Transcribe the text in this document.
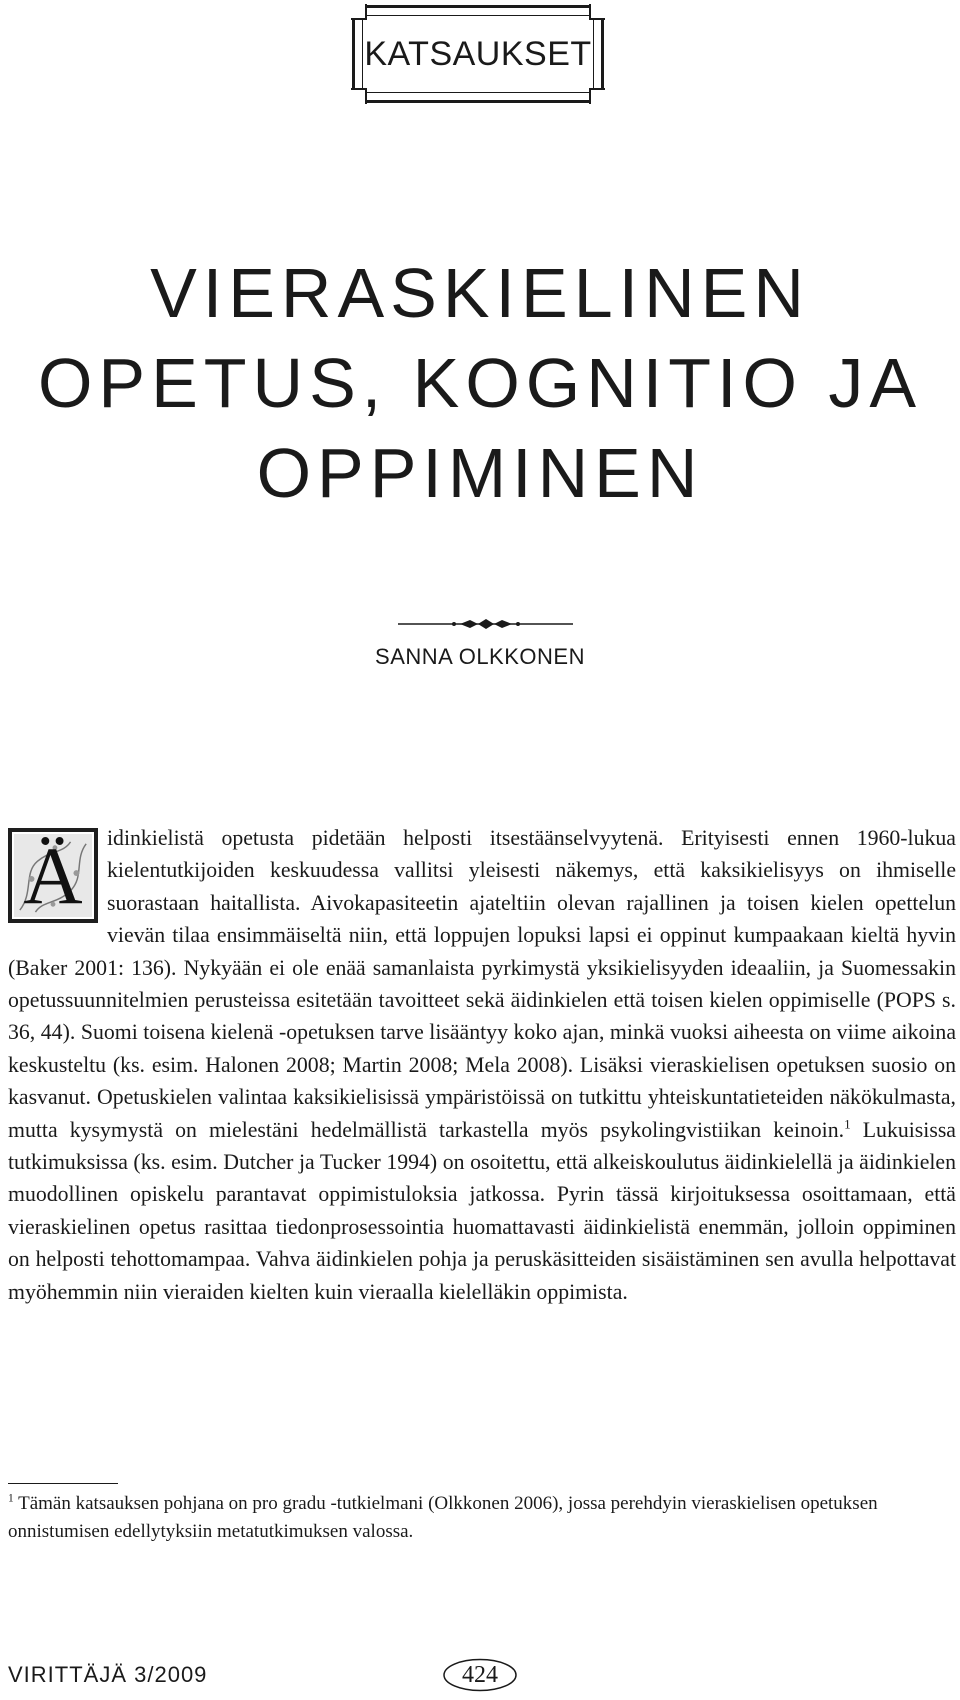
KATSAUKSET
VIERASKIELINEN
OPETUS, KOGNITIO JA
OPPIMINEN
SANNA OLKKONEN
Ä	idinkielistä opetusta pidetään helposti itsestäänselvyytenä. Erityisesti ennen 1960-lukua kielentutkijoiden keskuudessa vallitsi yleisesti näkemys, että kaksikielisyys on ihmiselle suorastaan haitallista. Aivokapasiteetin ajateltiin olevan rajallinen ja toisen kielen opettelun vievän tilaa ensimmäiseltä niin, että loppujen lopuksi lapsi ei oppinut kumpaakaan kieltä hyvin (Baker 2001: 136). Nykyään ei ole enää samanlaista pyrkimystä yksikielisyyden ideaaliin, ja Suomessakin opetussuunnitelmien perusteissa esitetään tavoitteet sekä äidinkielen että toisen kielen oppimiselle (POPS s. 36, 44). Suomi toisena kielenä -opetuksen tarve lisääntyy koko ajan, minkä vuoksi aiheesta on viime aikoina keskusteltu (ks. esim. Halonen 2008; Martin 2008; Mela 2008). Lisäksi vieraskielisen opetuksen suosio on kasvanut. Opetuskielen valintaa kaksikielisissä ympäristöissä on tutkittu yhteiskuntatieteiden näkökulmasta, mutta kysymystä on mielestäni hedelmällistä tarkastella myös psykolingvistiikan keinoin.$^1$ Lukuisissa tutkimuksissa (ks. esim. Dutcher ja Tucker 1994) on osoitettu, että alkeiskoulutus äidinkielellä ja äidinkielen muodollinen opiskelu parantavat oppimistuloksia jatkossa. Pyrin tässä kirjoituksessa osoittamaan, että vieraskielinen opetus rasittaa tiedonprosessointia huomattavasti äidinkielistä enemmän, jolloin oppiminen on helposti tehottomampaa. Vahva äidinkielen pohja ja peruskäsitteiden sisäistäminen sen avulla helpottavat myöhemmin niin vieraiden kielten kuin vieraalla kielelläkin oppimista.

$^1$ Tämän katsauksen pohjana on pro gradu -tutkielmani (Olkkonen 2006), jossa perehdyin vieraskielisen opetuksen onnistumisen edellytyksiin metatutkimuksen valossa.

VIRITTÄJÄ 3/2009	424
